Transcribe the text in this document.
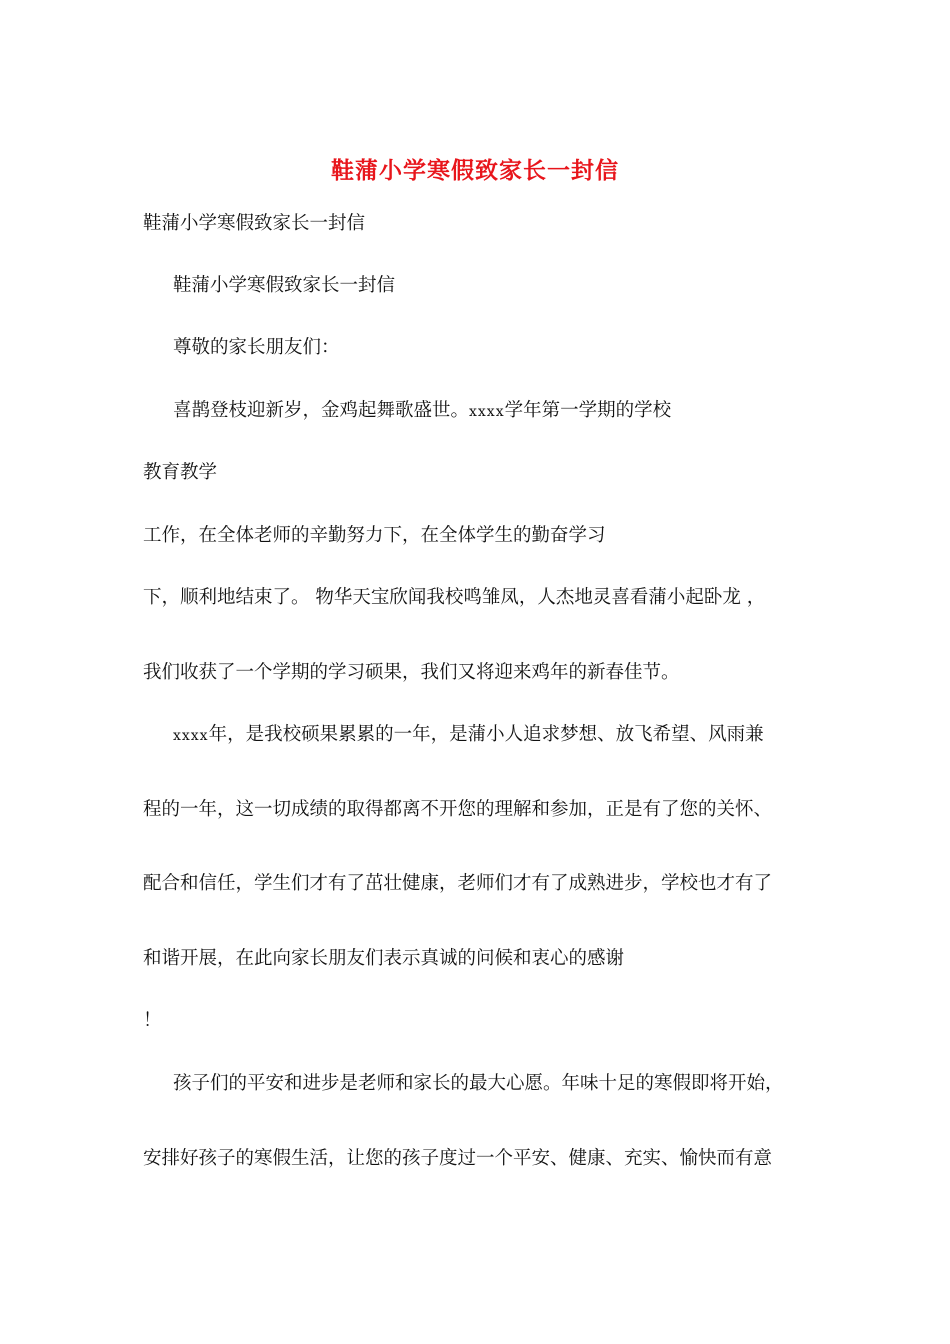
鞋蒲小学寒假致家长一封信

鞋蒲小学寒假致家长一封信

鞋蒲小学寒假致家长一封信

尊敬的家长朋友们：

喜鹊登枝迎新岁，金鸡起舞歌盛世。xxxx学年第一学期的学校

教育教学

工作，在全体老师的辛勤努力下，在全体学生的勤奋学习

下，顺利地结束了。 物华天宝欣闻我校鸣雏凤，人杰地灵喜看蒲小起卧龙 ，

我们收获了一个学期的学习硕果，我们又将迎来鸡年的新春佳节。

xxxx年，是我校硕果累累的一年，是蒲小人追求梦想、放飞希望、风雨兼

程的一年，这一切成绩的取得都离不开您的理解和参加，正是有了您的关怀、

配合和信任，学生们才有了茁壮健康，老师们才有了成熟进步，学校也才有了

和谐开展，在此向家长朋友们表示真诚的问候和衷心的感谢

！

孩子们的平安和进步是老师和家长的最大心愿。年味十足的寒假即将开始，

安排好孩子的寒假生活，让您的孩子度过一个平安、健康、充实、愉快而有意
